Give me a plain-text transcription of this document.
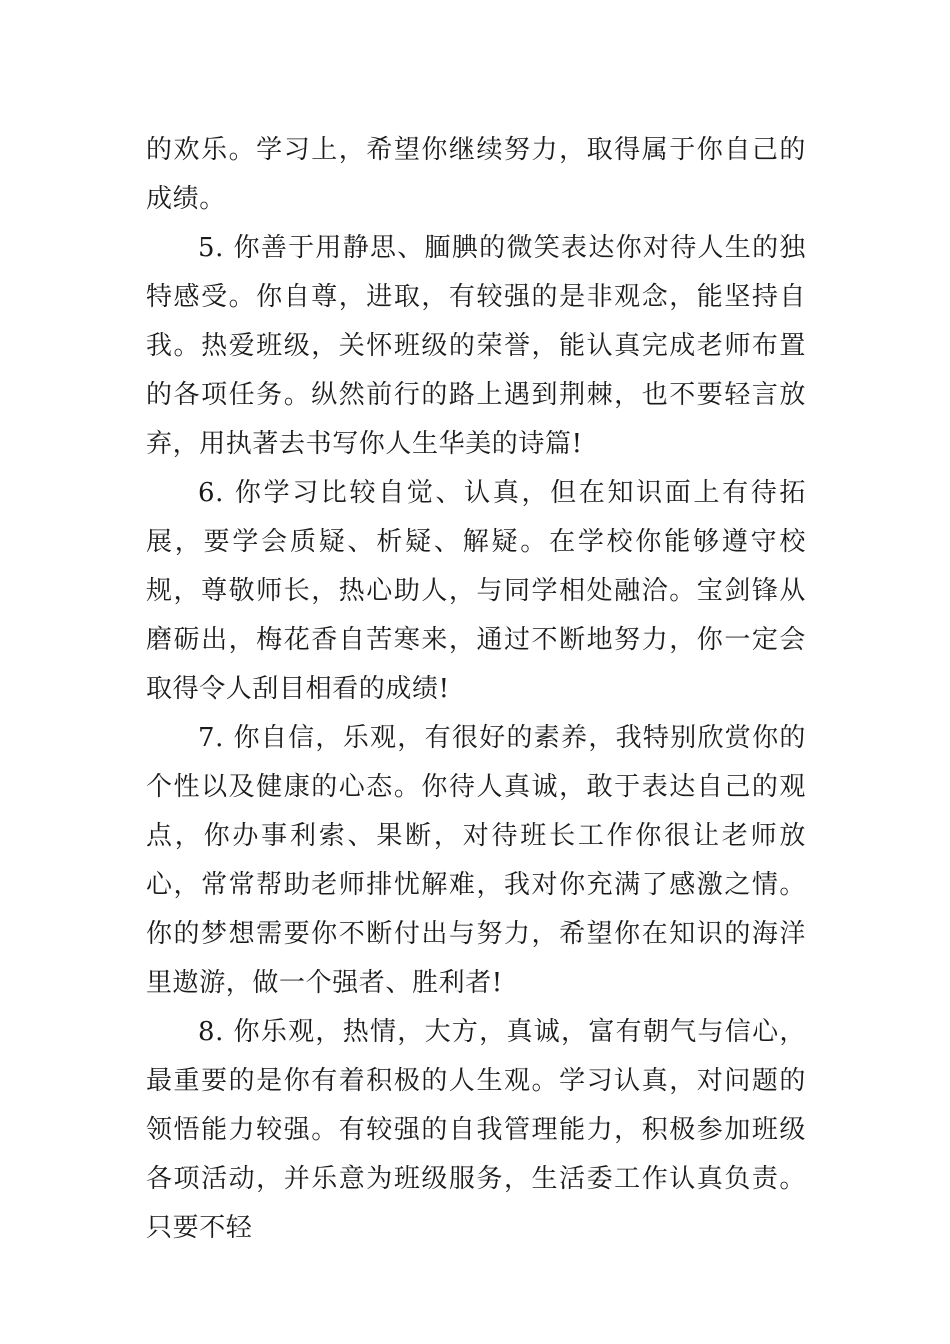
的欢乐。学习上，希望你继续努力，取得属于你自己的成绩。

5. 你善于用静思、腼腆的微笑表达你对待人生的独特感受。你自尊，进取，有较强的是非观念，能坚持自我。热爱班级，关怀班级的荣誉，能认真完成老师布置的各项任务。纵然前行的路上遇到荆棘，也不要轻言放弃，用执著去书写你人生华美的诗篇!

6. 你学习比较自觉、认真，但在知识面上有待拓展，要学会质疑、析疑、解疑。在学校你能够遵守校规，尊敬师长，热心助人，与同学相处融洽。宝剑锋从磨砺出，梅花香自苦寒来，通过不断地努力，你一定会取得令人刮目相看的成绩!

7. 你自信，乐观，有很好的素养，我特别欣赏你的个性以及健康的心态。你待人真诚，敢于表达自己的观点，你办事利索、果断，对待班长工作你很让老师放心，常常帮助老师排忧解难，我对你充满了感激之情。你的梦想需要你不断付出与努力，希望你在知识的海洋里遨游，做一个强者、胜利者!

8. 你乐观，热情，大方，真诚，富有朝气与信心，最重要的是你有着积极的人生观。学习认真，对问题的领悟能力较强。有较强的自我管理能力，积极参加班级各项活动，并乐意为班级服务，生活委工作认真负责。只要不轻
